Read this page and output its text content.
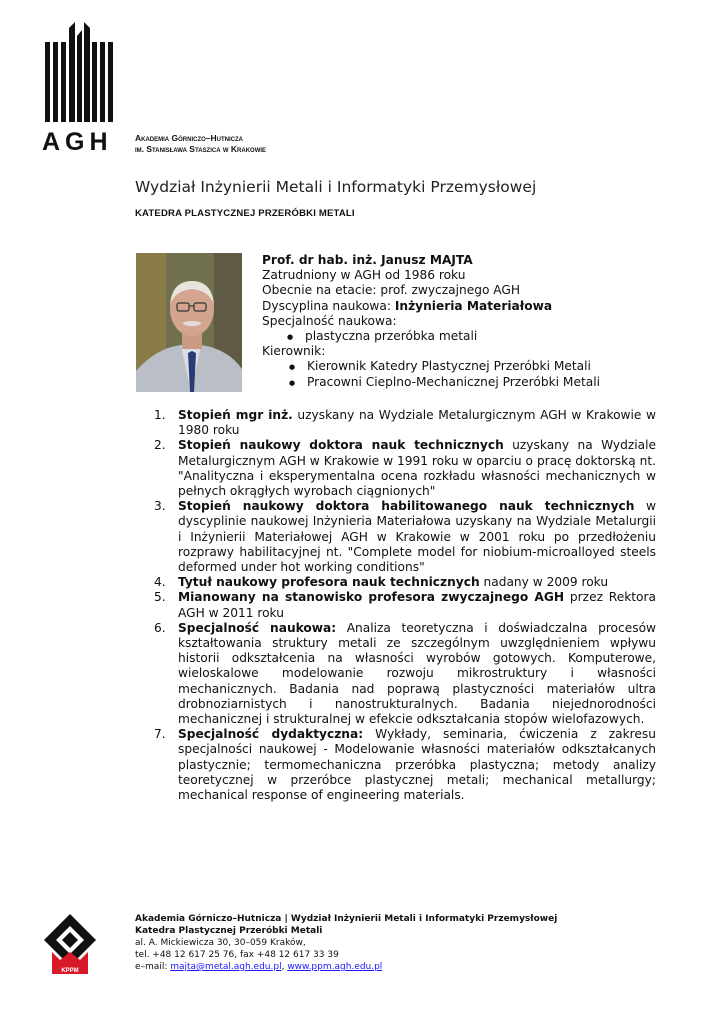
AGH	Akademia Górniczo–Hutnicza
im. Stanisława Staszica w Krakowie
Wydział Inżynierii Metali i Informatyki Przemysłowej
KATEDRA PLASTYCZNEJ PRZERÓBKI METALI
Prof. dr hab. inż. Janusz MAJTA
Zatrudniony w AGH od 1986 roku
Obecnie na etacie: prof. zwyczajnego AGH
Dyscyplina naukowa: Inżynieria Materiałowa
Specjalność naukowa:
● plastyczna przeróbka metali
Kierownik:
● Kierownik Katedry Plastycznej Przeróbki Metali
● Pracowni Cieplno-Mechanicznej Przeróbki Metali
1. Stopień mgr inż. uzyskany na Wydziale Metalurgicznym AGH w Krakowie w 1980 roku
2. Stopień naukowy doktora nauk technicznych uzyskany na Wydziale Metalurgicznym AGH w Krakowie w 1991 roku w oparciu o pracę doktorską nt. "Analityczna i eksperymentalna ocena rozkładu własności mechanicznych w pełnych okrągłych wyrobach ciągnionych"
3. Stopień naukowy doktora habilitowanego nauk technicznych w dyscyplinie naukowej Inżynieria Materiałowa uzyskany na Wydziale Metalurgii i Inżynierii Materiałowej AGH w Krakowie w 2001 roku po przedłożeniu rozprawy habilitacyjnej nt. "Complete model for niobium-microalloyed steels deformed under hot working conditions"
4. Tytuł naukowy profesora nauk technicznych nadany w 2009 roku
5. Mianowany na stanowisko profesora zwyczajnego AGH przez Rektora AGH w 2011 roku
6. Specjalność naukowa: Analiza teoretyczna i doświadczalna procesów kształtowania struktury metali ze szczególnym uwzględnieniem wpływu historii odkształcenia na własności wyrobów gotowych. Komputerowe, wieloskalowe modelowanie rozwoju mikrostruktury i własności mechanicznych. Badania nad poprawą plastyczności materiałów ultra drobnoziarnistych i nanostrukturalnych. Badania niejednorodności mechanicznej i strukturalnej w efekcie odkształcania stopów wielofazowych.
7. Specjalność dydaktyczna: Wykłady, seminaria, ćwiczenia z zakresu specjalności naukowej - Modelowanie własności materiałów odkształcanych plastycznie; termomechaniczna przeróbka plastyczna; metody analizy teoretycznej w przeróbce plastycznej metali; mechanical metallurgy; mechanical response of engineering materials.
KPPM
Akademia Górniczo–Hutnicza | Wydział Inżynierii Metali i Informatyki Przemysłowej
Katedra Plastycznej Przeróbki Metali
al. A. Mickiewicza 30, 30–059 Kraków,
tel. +48 12 617 25 76, fax +48 12 617 33 39
e–mail: majta@metal.agh.edu.pl, www.ppm.agh.edu.pl
